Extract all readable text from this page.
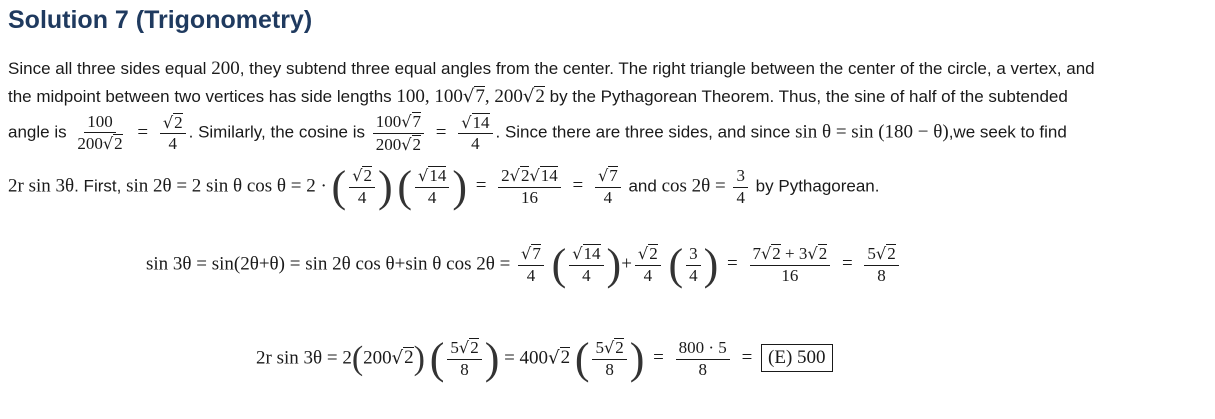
Solution 7 (Trigonometry)
Since all three sides equal 200, they subtend three equal angles from the center. The right triangle between the center of the circle, a vertex, and
the midpoint between two vertices has side lengths 100, 100√7, 200√2 by the Pythagorean Theorem. Thus, the sine of half of the subtended
angle is $\frac{100}{200√2} = \frac{√2}{4}$ . Similarly, the cosine is $\frac{100√7}{200√2} = \frac{√14}{4}$ . Since there are three sides, and since sin θ = sin (180 − θ),we seek to find
2r sin 3θ. First, sin 2θ = 2 sin θ cos θ = 2 · ( $\frac{√2}{4}$ ) ( $\frac{√14}{4}$ ) = $\frac{2√2√14}{16} = \frac{√7}{4}$ and $\cos 2\theta = \frac{3}{4}$ by Pythagorean.
sin 3θ = sin(2θ+θ) = sin 2θ cos θ+sin θ $\cos 2\theta = \frac{√7}{4}$ ( $\frac{√14}{4}$ )+ $\frac{√2}{4}$ ( $\frac{3}{4}$ ) = $\frac{7√2 + 3√2}{16} = \frac{5√2}{8}$
2r sin 3θ = 2(200√2) ( $\frac{5√2}{8}$ ) = 400√2 ( $\frac{5√2}{8}$ ) = $\frac{800 \cdot 5}{8} = (E)$ 500
